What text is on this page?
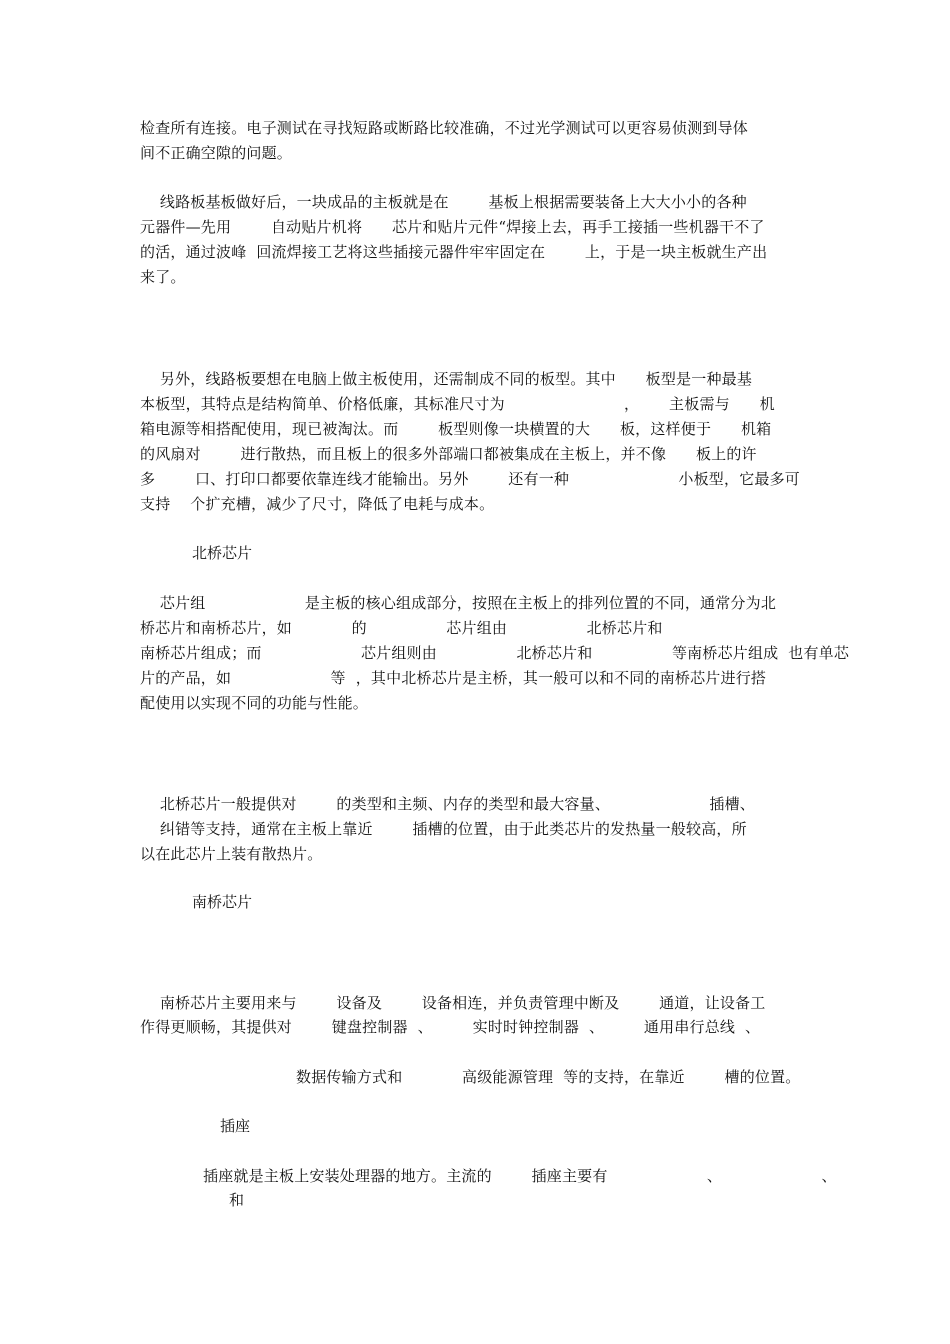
检查所有连接。电子测试在寻找短路或断路比较准确，不过光学测试可以更容易侦测到导体
间不正确空隙的问题。
线路板基板做好后，一块成品的主板就是在        基板上根据需要装备上大大小小的各种
元器件—先用        自动贴片机将      芯片和贴片元件“焊接上去，再手工接插一些机器干不了
的活，通过波峰  回流焊接工艺将这些插接元器件牢牢固定在        上，于是一块主板就生产出
来了。
另外，线路板要想在电脑上做主板使用，还需制成不同的板型。其中      板型是一种最基
本板型，其特点是结构简单、价格低廉，其标准尺寸为                        ，      主板需与      机
箱电源等相搭配使用，现已被淘汰。而        板型则像一块横置的大      板，这样便于      机箱
的风扇对        进行散热，而且板上的很多外部端口都被集成在主板上，并不像      板上的许
多        口、打印口都要依靠连线才能输出。另外        还有一种                      小板型，它最多可
支持    个扩充槽，减少了尺寸，降低了电耗与成本。
北桥芯片
芯片组                    是主板的核心组成部分，按照在主板上的排列位置的不同，通常分为北
桥芯片和南桥芯片，如            的                芯片组由                北桥芯片和
南桥芯片组成；而                    芯片组则由                北桥芯片和                等南桥芯片组成  也有单芯
片的产品，如                    等  ，其中北桥芯片是主桥，其一般可以和不同的南桥芯片进行搭
配使用以实现不同的功能与性能。
北桥芯片一般提供对        的类型和主频、内存的类型和最大容量、                    插槽、
纠错等支持，通常在主板上靠近        插槽的位置，由于此类芯片的发热量一般较高，所
以在此芯片上装有散热片。
南桥芯片
南桥芯片主要用来与        设备及        设备相连，并负责管理中断及        通道，让设备工
作得更顺畅，其提供对        键盘控制器  、        实时时钟控制器  、        通用串行总线  、
数据传输方式和            高级能源管理  等的支持，在靠近        槽的位置。
插座
插座就是主板上安装处理器的地方。主流的        插座主要有                    、                    、
和
